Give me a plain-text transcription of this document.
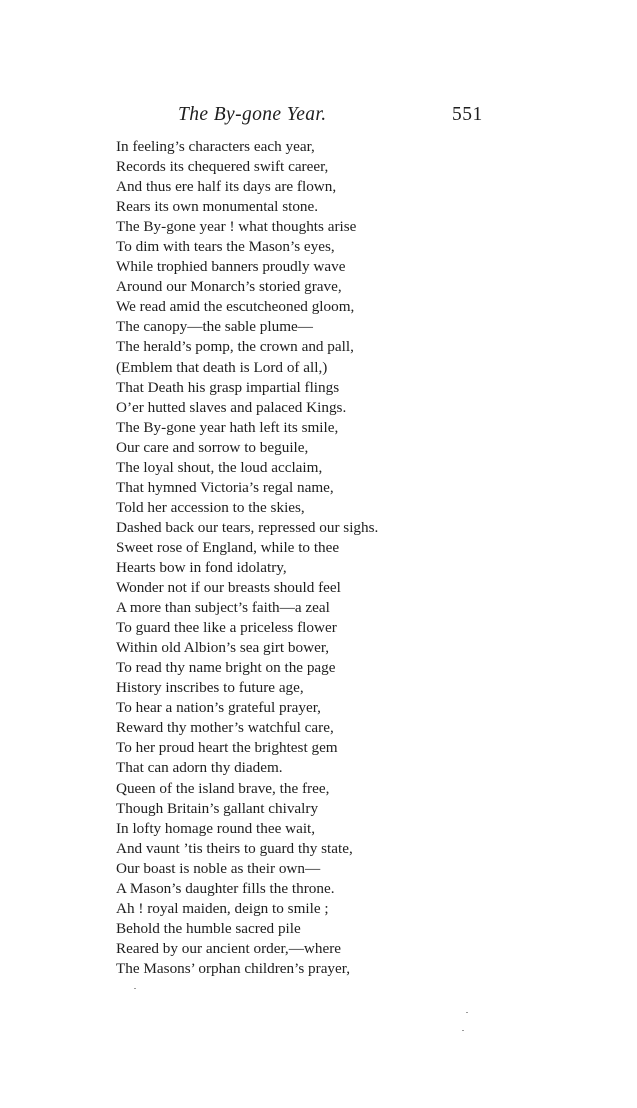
The By-gone Year.	551
In feeling’s characters each year,
Records its chequered swift career,
And thus ere half its days are flown,
Rears its own monumental stone.
The By-gone year ! what thoughts arise
To dim with tears the Mason’s eyes,
While trophied banners proudly wave
Around our Monarch’s storied grave,
We read amid the escutcheoned gloom,
The canopy—the sable plume—
The herald’s pomp, the crown and pall,
(Emblem that death is Lord of all,)
That Death his grasp impartial flings
O’er hutted slaves and palaced Kings.
The By-gone year hath left its smile,
Our care and sorrow to beguile,
The loyal shout, the loud acclaim,
That hymned Victoria’s regal name,
Told her accession to the skies,
Dashed back our tears, repressed our sighs.
Sweet rose of England, while to thee
Hearts bow in fond idolatry,
Wonder not if our breasts should feel
A more than subject’s faith—a zeal
To guard thee like a priceless flower
Within old Albion’s sea girt bower,
To read thy name bright on the page
History inscribes to future age,
To hear a nation’s grateful prayer,
Reward thy mother’s watchful care,
To her proud heart the brightest gem
That can adorn thy diadem.
Queen of the island brave, the free,
Though Britain’s gallant chivalry
In lofty homage round thee wait,
And vaunt ’tis theirs to guard thy state,
Our boast is noble as their own—
A Mason’s daughter fills the throne.
Ah ! royal maiden, deign to smile ;
Behold the humble sacred pile
Reared by our ancient order,—where
The Masons’ orphan children’s prayer,
